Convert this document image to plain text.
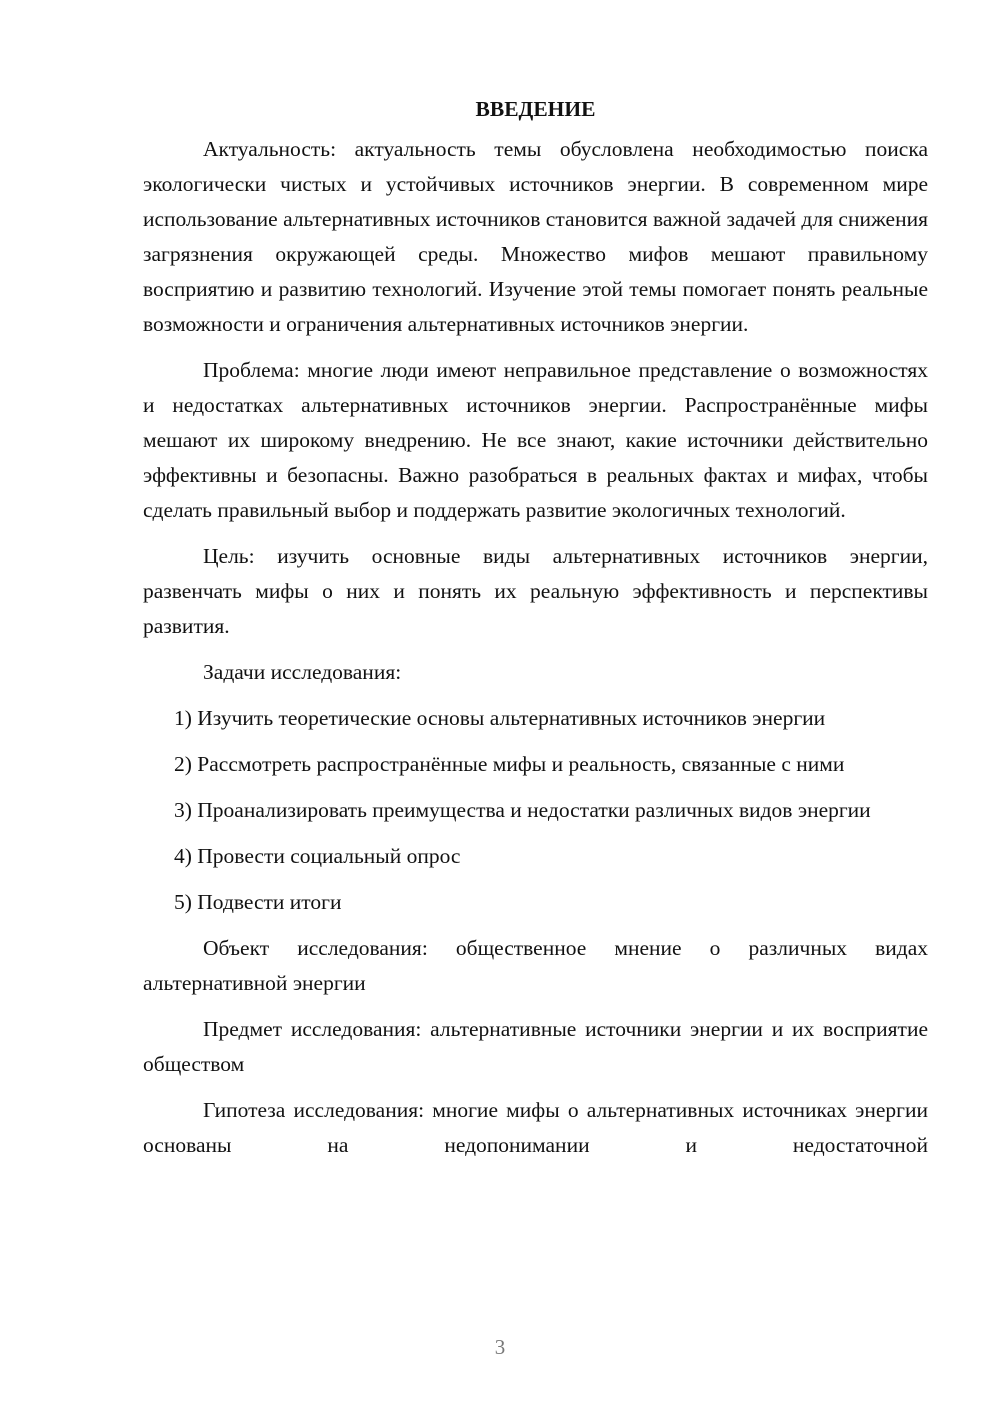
ВВЕДЕНИЕ

Актуальность: актуальность темы обусловлена необходимостью поиска экологически чистых и устойчивых источников энергии. В современном мире использование альтернативных источников становится важной задачей для снижения загрязнения окружающей среды. Множество мифов мешают правильному восприятию и развитию технологий. Изучение этой темы помогает понять реальные возможности и ограничения альтернативных источников энергии.

Проблема: многие люди имеют неправильное представление о возможностях и недостатках альтернативных источников энергии. Распространённые мифы мешают их широкому внедрению. Не все знают, какие источники действительно эффективны и безопасны. Важно разобраться в реальных фактах и мифах, чтобы сделать правильный выбор и поддержать развитие экологичных технологий.

Цель: изучить основные виды альтернативных источников энергии, развенчать мифы о них и понять их реальную эффективность и перспективы развития.

Задачи исследования:

1) Изучить теоретические основы альтернативных источников энергии

2) Рассмотреть распространённые мифы и реальность, связанные с ними

3) Проанализировать преимущества и недостатки различных видов энергии

4) Провести социальный опрос

5) Подвести итоги

Объект исследования: общественное мнение о различных видах альтернативной энергии

Предмет исследования: альтернативные источники энергии и их восприятие обществом

Гипотеза исследования: многие мифы о альтернативных источниках энергии основаны на недопонимании и недостаточной

3
